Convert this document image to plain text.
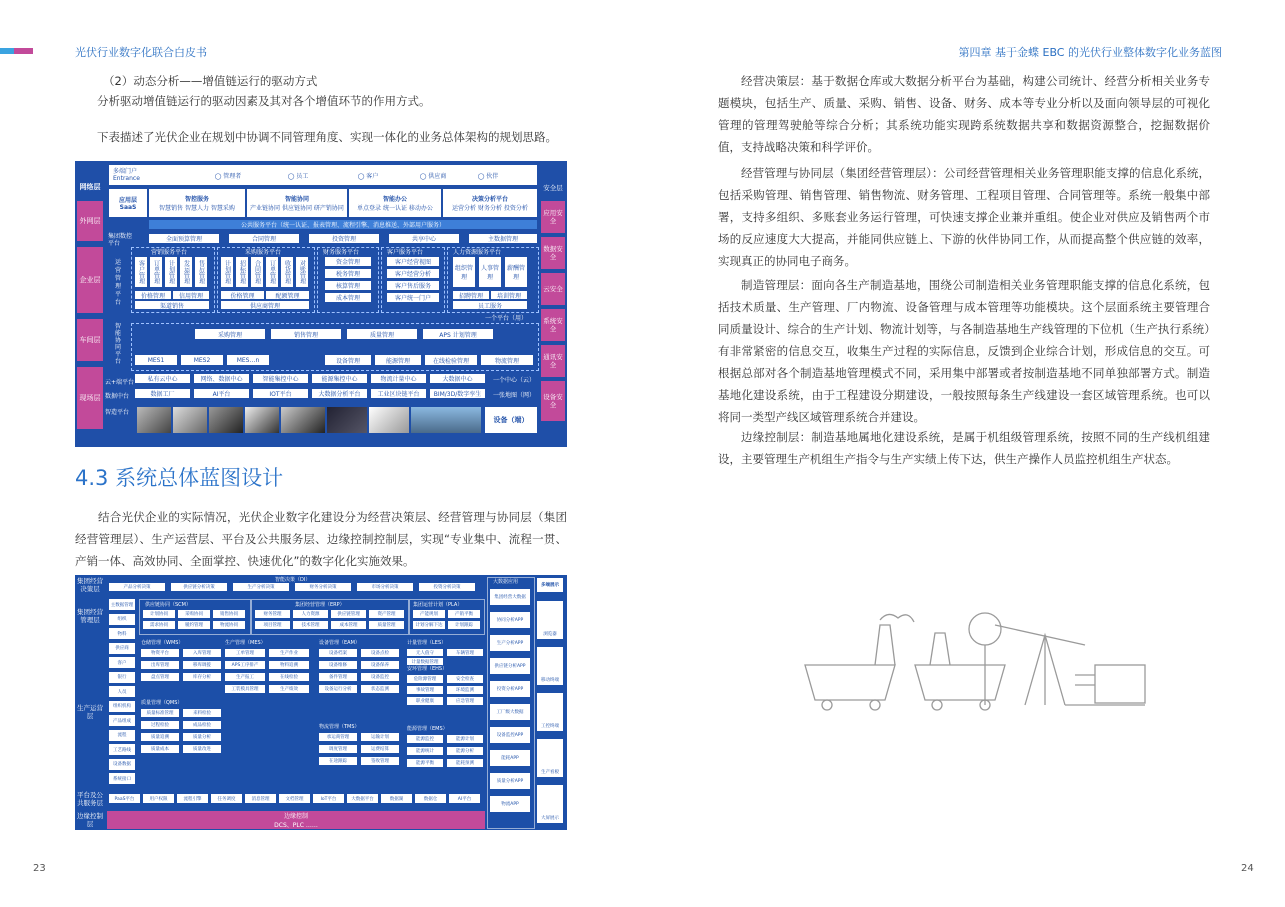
光伏行业数字化联合白皮书	第四章 基于金蝶 EBC 的光伏行业整体数字化业务蓝图

（2）动态分析——增值链运行的驱动方式

分析驱动增值链运行的驱动因素及其对各个增值环节的作用方式。

下表描述了光伏企业在规划中协调不同管理角度、实现一体化的业务总体架构的规划思路。

网络层
外网层
企业层
车间层
现场层
安全层
应用安全
数据安全
云安全
系统安全
通讯安全
设备安全
多端门户
Entrance	◯ 管理者	◯ 员工	◯ 客户	◯ 供应商	◯ 伙伴
应用层
SaaS
智控服务
智慧销售 智慧人力 智慧采购
智能协同
产业链协同 供应链协同 研产销协同
智能办公
单点登录 统一认证 移动办公
决策分析平台
运营分析 财务分析 投资分析
公共服务平台（统一认证、报表管理、流程引擎、消息推送、外部用户服务）
集团数控平台
全面预算管理	合同管理	投资管理	共享中心	主数据管理
运营管理平台
营销服务平台
客户管理	订单管理	计划管理	发运管理	售后管理
价格管理	信用管理
渠道销售
计划管理	招标管理	合同管理	订单管理	收货管理	对账管理
价格管理	配额管理
供应商管理
采购服务平台	财务服务平台
资金管理
税务管理
核算管理
成本管理
客户服务平台
客户经营视图
客户经营分析
客户售后服务
客户统一门户
人力资源服务平台
组织管理
人事管理
薪酬管理
招聘管理	培训管理
员工服务
一个平台（用）
智能协同平台
采购管理	销售管理	质量管理	APS 计划管理
MES1	MES2	MES…n	设备管理	能源管理	在线检验管理	物流管理
云+端平台
数据中台
智造平台
私有云中心	网络、数据中心	智能集控中心	能源集控中心	物流计量中心	大数据中心
数据工厂	AI平台	IOT平台	大数据分析平台	工业区块链平台	BIM/3D/数字孪生
一个中心（云）
一张地图（网）
设备（端）
4.3 系统总体蓝图设计

结合光伏企业的实际情况，光伏企业数字化建设分为经营决策层、经营管理与协同层（集团经营管理层）、生产运营层、平台及公共服务层、边缘控制控制层，实现“专业集中、流程一贯、产销一体、高效协同、全面掌控、快速优化”的数字化化实施效果。

集团经营决策层
集团经营管理层
生产运营层
平台及公共服务层
边缘控制层
智能决策（DI）
产品分析决策	供应链分析决策	生产分析决策	财务分析决策	市场分析决策	投资分析决策
供应链协同（SCM）	集团经营管理（ERP）	集团运营计划（PLA）
计划协同	采购协同	销售协同
需求协同	履约管理	物流协同
财务管理	人力资源	供应链管理	资产管理
项目管理	技术管理	成本管理	质量管理
产能规划	产销平衡
计划分解下达	计划跟踪
主数据管理
组织
物料
供应商
客户
银行
人员
组织机构
产品组成
流程
工艺路线
设备数据
系统接口
仓储管理（WMS）	生产管理（MES）	设备管理（EAM）	计量管理（LES）
安环管理（EHS）
质量管理（QMS）
物流管理（TMS）	能源管理（EMS）
物资平台	入库管理
出库管理	移库调拨
盘点管理	库存分析
工单管理	生产作业
APS工序排产	物料追溯
生产报工	在线检验
工装模具管理	生产绩效
质量标准管理	来料检验
过程检验	成品检验
质量追溯	质量分析
质量成本	质量改进
设备档案	设备点检
设备维修	设备保养
备件管理	设备监控
设备运行分析	状态监测
承运商管理	运输计划
调度管理	运费结算
在途跟踪	签收管理
无人值守	车辆管理
计量数据管理
危险源管理	安全检查
事故管理	环境监测
职业健康	应急管理
能源监控	能源计划
能源统计	能源分析
能源平衡	能耗预测
PaaS平台	用户权限	流程引擎	任务调度	消息管理	文档管理	IoT平台	大数据平台	数据湖	数据仓	AI平台
边缘控制
DCS、PLC ……
大数据应用
集团经营大数据
协同分析APP
生产分析APP
供应链分析APP
投资分析APP
工厂级大数据
设备监控APP
能耗APP
质量分析APP
物流APP
多端展示
浏览器
移动终端
工控终端
生产看板
大屏展示
23

经营决策层：基于数据仓库或大数据分析平台为基础，构建公司统计、经营分析相关业务专题模块，包括生产、质量、采购、销售、设备、财务、成本等专业分析以及面向领导层的可视化管理的管理驾驶舱等综合分析；其系统功能实现跨系统数据共享和数据资源整合，挖掘数据价值，支持战略决策和科学评价。

经营管理与协同层（集团经营管理层）：公司经营管理相关业务管理职能支撑的信息化系统，包括采购管理、销售管理、销售物流、财务管理、工程项目管理、合同管理等。系统一般集中部署，支持多组织、多账套业务运行管理，可快速支撑企业兼并重组。使企业对供应及销售两个市场的反应速度大大提高，并能同供应链上、下游的伙伴协同工作，从而提高整个供应链的效率，实现真正的协同电子商务。

制造管理层：面向各生产制造基地，围绕公司制造相关业务管理职能支撑的信息化系统，包括技术质量、生产管理、厂内物流、设备管理与成本管理等功能模块。这个层面系统主要管理合同质量设计、综合的生产计划、物流计划等，与各制造基地生产线管理的下位机（生产执行系统）有非常紧密的信息交互，收集生产过程的实际信息，反馈到企业综合计划，形成信息的交互。可根据总部对各个制造基地管理模式不同，采用集中部署或者按制造基地不同单独部署方式。制造基地化建设系统，由于工程建设分期建设，一般按照每条生产线建设一套区域管理系统。也可以将同一类型产线区域管理系统合并建设。

边缘控制层：制造基地属地化建设系统，是属于机组级管理系统，按照不同的生产线机组建设，主要管理生产机组生产指令与生产实绩上传下达，供生产操作人员监控机组生产状态。

24
